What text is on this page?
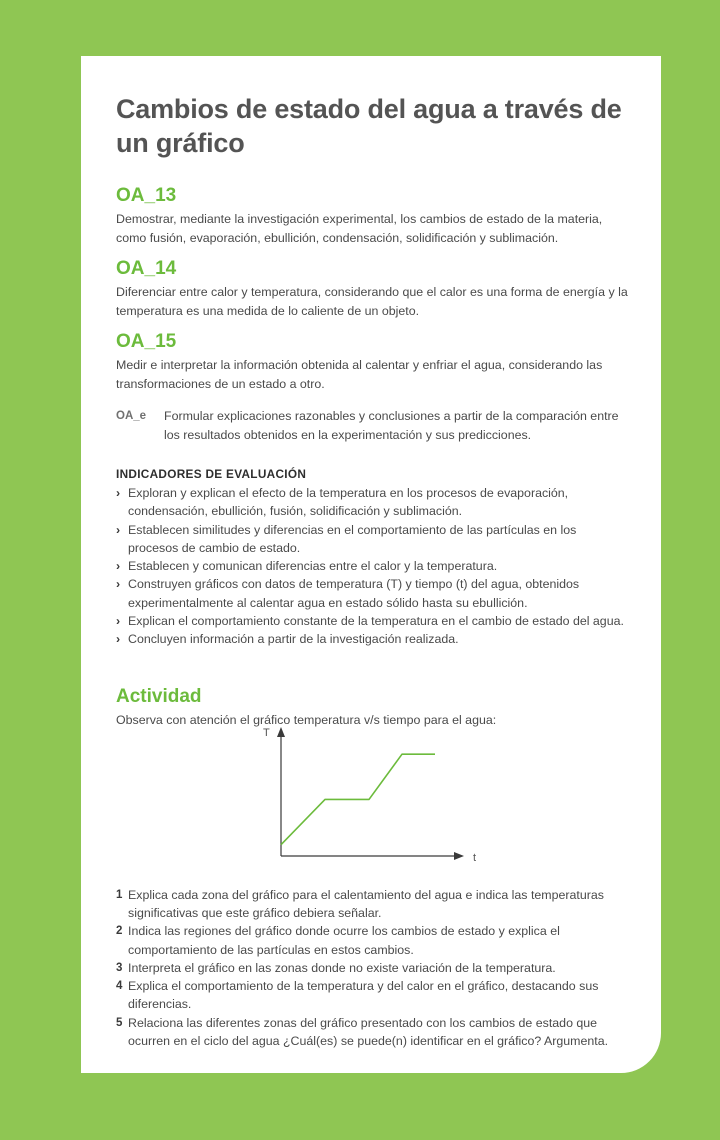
Cambios de estado del agua a través de un gráfico
OA_13
Demostrar, mediante la investigación experimental, los cambios de estado de la materia, como fusión, evaporación, ebullición, condensación, solidificación y sublimación.
OA_14
Diferenciar entre calor y temperatura, considerando que el calor es una forma de energía y la temperatura es una medida de lo caliente de un objeto.
OA_15
Medir e interpretar la información obtenida al calentar y enfriar el agua, considerando las transformaciones de un estado a otro.
OA_e	Formular explicaciones razonables y conclusiones a partir de la comparación entre los resultados obtenidos en la experimentación y sus predicciones.
INDICADORES DE EVALUACIÓN
› Exploran y explican el efecto de la temperatura en los procesos de evaporación, condensación, ebullición, fusión, solidificación y sublimación.
› Establecen similitudes y diferencias en el comportamiento de las partículas en los procesos de cambio de estado.
› Establecen y comunican diferencias entre el calor y la temperatura.
› Construyen gráficos con datos de temperatura (T) y tiempo (t) del agua, obtenidos experimentalmente al calentar agua en estado sólido hasta su ebullición.
› Explican el comportamiento constante de la temperatura en el cambio de estado del agua.
› Concluyen información a partir de la investigación realizada.
Actividad
Observa con atención el gráfico temperatura v/s tiempo para el agua:
t
T
1 Explica cada zona del gráfico para el calentamiento del agua e indica las temperaturas significativas que este gráfico debiera señalar.
2 Indica las regiones del gráfico donde ocurre los cambios de estado y explica el comportamiento de las partículas en estos cambios.
3 Interpreta el gráfico en las zonas donde no existe variación de la temperatura.
4 Explica el comportamiento de la temperatura y del calor en el gráfico, destacando sus diferencias.
5 Relaciona las diferentes zonas del gráfico presentado con los cambios de estado que ocurren en el ciclo del agua ¿Cuál(es) se puede(n) identificar en el gráfico? Argumenta.
